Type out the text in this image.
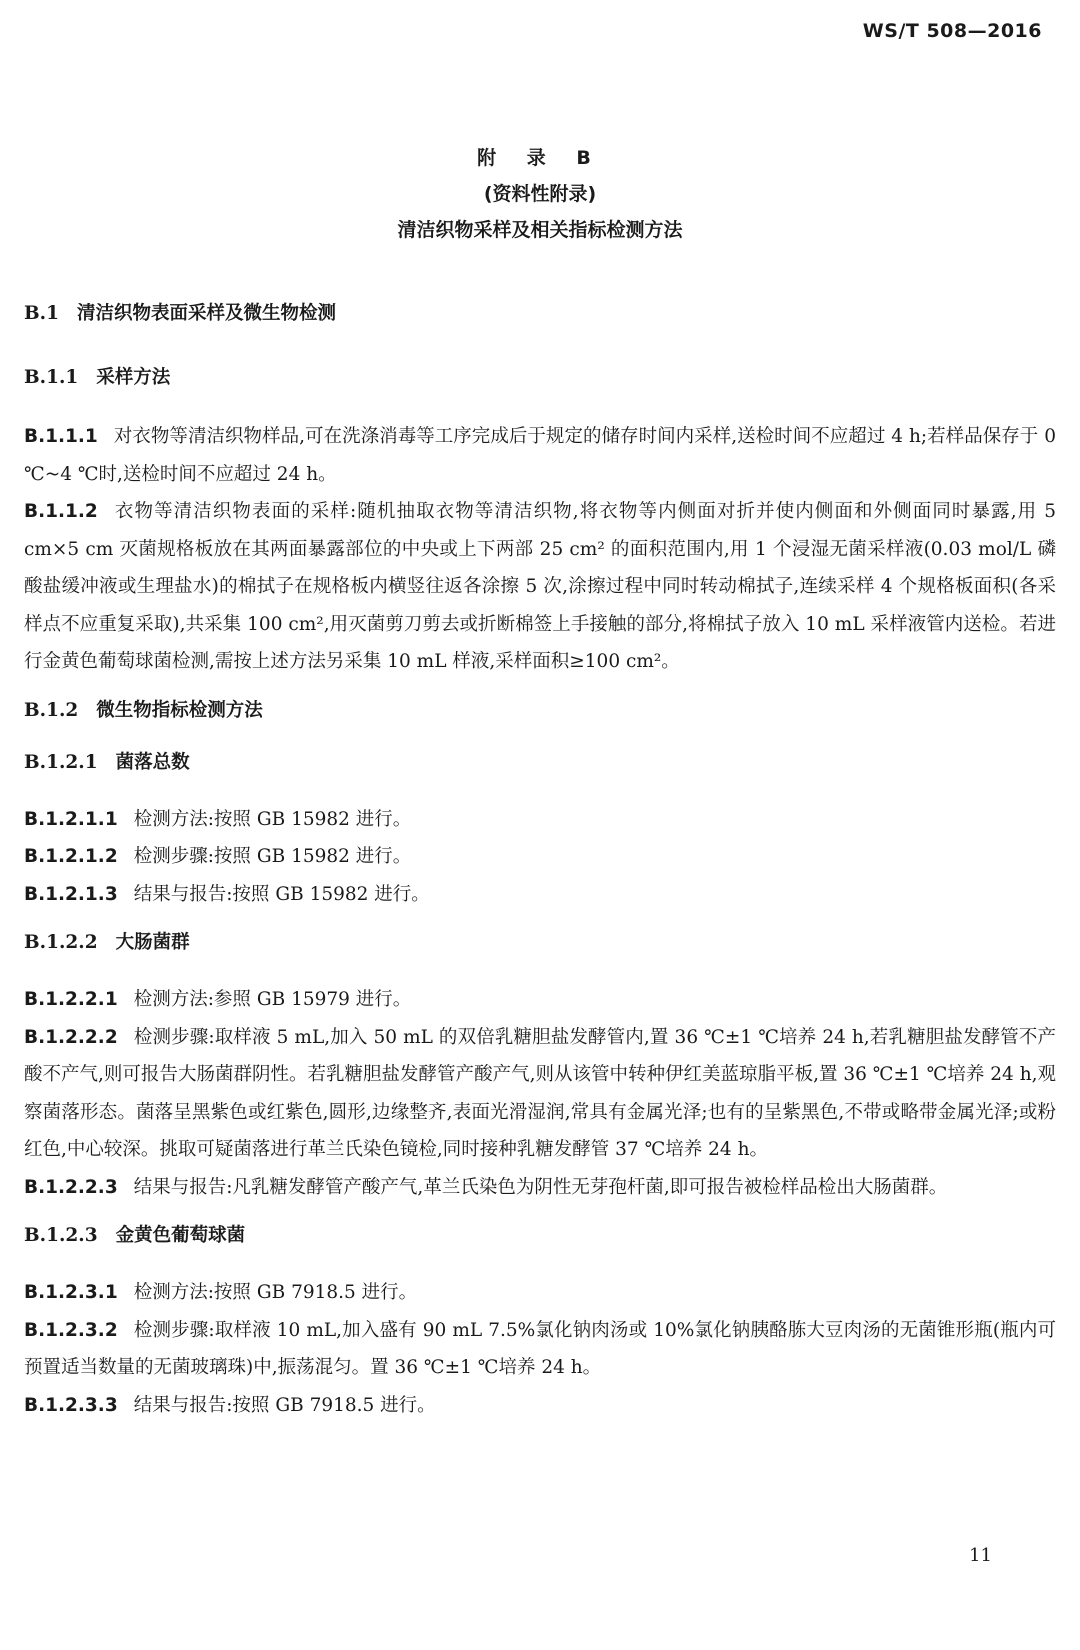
WS/T 508—2016
附 录 B
(资料性附录)
清洁织物采样及相关指标检测方法
B.1 清洁织物表面采样及微生物检测
B.1.1 采样方法

B.1.1.1 对衣物等清洁织物样品,可在洗涤消毒等工序完成后于规定的储存时间内采样,送检时间不应超过 4 h;若样品保存于 0 ℃~4 ℃时,送检时间不应超过 24 h。

B.1.1.2 衣物等清洁织物表面的采样:随机抽取衣物等清洁织物,将衣物等内侧面对折并使内侧面和外侧面同时暴露,用 5 cm×5 cm 灭菌规格板放在其两面暴露部位的中央或上下两部 25 cm² 的面积范围内,用 1 个浸湿无菌采样液(0.03 mol/L 磷酸盐缓冲液或生理盐水)的棉拭子在规格板内横竖往返各涂擦 5 次,涂擦过程中同时转动棉拭子,连续采样 4 个规格板面积(各采样点不应重复采取),共采集 100 cm²,用灭菌剪刀剪去或折断棉签上手接触的部分,将棉拭子放入 10 mL 采样液管内送检。若进行金黄色葡萄球菌检测,需按上述方法另采集 10 mL 样液,采样面积≥100 cm²。

B.1.2 微生物指标检测方法
B.1.2.1 菌落总数

B.1.2.1.1 检测方法:按照 GB 15982 进行。

B.1.2.1.2 检测步骤:按照 GB 15982 进行。

B.1.2.1.3 结果与报告:按照 GB 15982 进行。

B.1.2.2 大肠菌群

B.1.2.2.1 检测方法:参照 GB 15979 进行。

B.1.2.2.2 检测步骤:取样液 5 mL,加入 50 mL 的双倍乳糖胆盐发酵管内,置 36 ℃±1 ℃培养 24 h,若乳糖胆盐发酵管不产酸不产气,则可报告大肠菌群阴性。若乳糖胆盐发酵管产酸产气,则从该管中转种伊红美蓝琼脂平板,置 36 ℃±1 ℃培养 24 h,观察菌落形态。菌落呈黑紫色或红紫色,圆形,边缘整齐,表面光滑湿润,常具有金属光泽;也有的呈紫黑色,不带或略带金属光泽;或粉红色,中心较深。挑取可疑菌落进行革兰氏染色镜检,同时接种乳糖发酵管 37 ℃培养 24 h。

B.1.2.2.3 结果与报告:凡乳糖发酵管产酸产气,革兰氏染色为阴性无芽孢杆菌,即可报告被检样品检出大肠菌群。

B.1.2.3 金黄色葡萄球菌

B.1.2.3.1 检测方法:按照 GB 7918.5 进行。

B.1.2.3.2 检测步骤:取样液 10 mL,加入盛有 90 mL 7.5%氯化钠肉汤或 10%氯化钠胰酪胨大豆肉汤的无菌锥形瓶(瓶内可预置适当数量的无菌玻璃珠)中,振荡混匀。置 36 ℃±1 ℃培养 24 h。

B.1.2.3.3 结果与报告:按照 GB 7918.5 进行。

11
